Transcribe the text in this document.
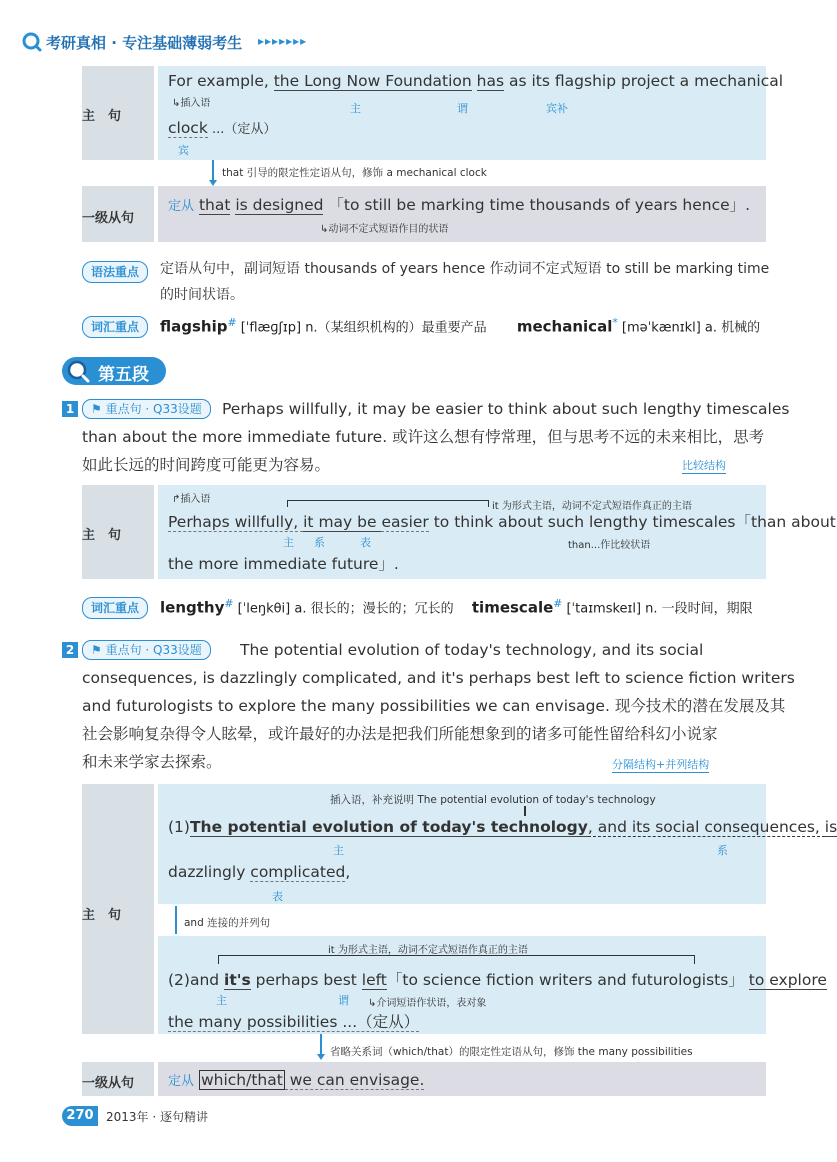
考研真相 · 专注基础薄弱考生 ▸▸▸▸▸▸▸
主　句
For example, the Long Now Foundation has as its flagship project a mechanical
↳插入语	主	谓	宾补
clock ...（定从）
宾
that 引导的限定性定语从句，修饰 a mechanical clock
一级从句
定从 that is designed 「to still be marking time thousands of years hence」.
↳动词不定式短语作目的状语
语法重点	定语从句中，副词短语 thousands of years hence 作动词不定式短语 to still be marking time
的时间状语。
词汇重点	flagship# [ˈflæɡʃɪp] n.（某组织机构的）最重要产品 mechanical* [məˈkænɪkl] a. 机械的
第五段
1	⚑ 重点句 · Q33设题	Perhaps willfully, it may be easier to think about such lengthy timescales
than about the more immediate future. 或许这么想有悖常理，但与思考不远的未来相比，思考
如此长远的时间跨度可能更为容易。	比较结构
主　句
↱插入语
it 为形式主语，动词不定式短语作真正的主语
Perhaps willfully, it may be easier to think about such lengthy timescales「than about
主 系	表	than...作比较状语
the more immediate future」.
词汇重点	lengthy# [ˈleŋkθi] a. 很长的；漫长的；冗长的 timescale# [ˈtaɪmskeɪl] n. 一段时间，期限
2	⚑ 重点句 · Q33设题	The potential evolution of today's technology, and its social
consequences, is dazzlingly complicated, and it's perhaps best left to science fiction writers
and futurologists to explore the many possibilities we can envisage. 现今技术的潜在发展及其
社会影响复杂得令人眩晕，或许最好的办法是把我们所能想象到的诸多可能性留给科幻小说家
和未来学家去探索。	分隔结构+并列结构
主　句
插入语，补充说明 The potential evolution of today's technology
(1)The potential evolution of today's technology, and its social consequences, is
主	系
dazzlingly complicated,
表
and 连接的并列句
it 为形式主语，动词不定式短语作真正的主语
(2)and it's perhaps best left「to science fiction writers and futurologists」 to explore
主	谓 ↳介词短语作状语，表对象
the many possibilities ...（定从）
省略关系词（which/that）的限定性定语从句，修饰 the many possibilities
一级从句	定从 which/that we can envisage.
270	2013年 · 逐句精讲
